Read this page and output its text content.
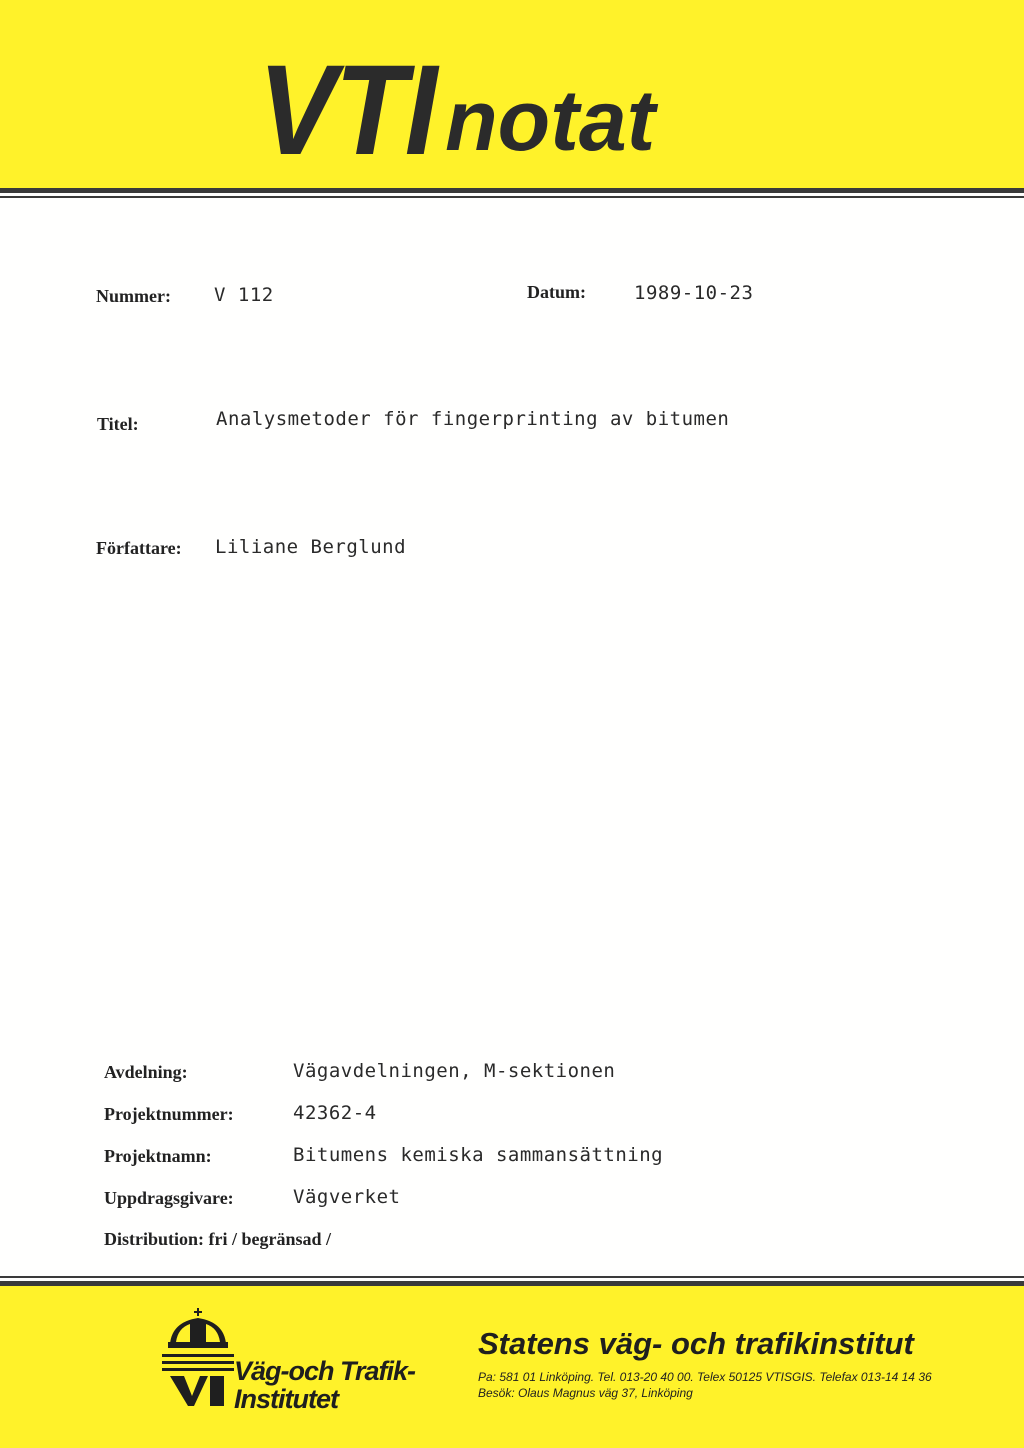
VTI notat
Nummer: V 112	Datum:	1989-10-23
Titel:	Analysmetoder för fingerprinting av bitumen
Författare: Liliane Berglund
Avdelning:	Vägavdelningen, M-sektionen
Projektnummer:	42362-4
Projektnamn:	Bitumens kemiska sammansättning
Uppdragsgivare:	Vägverket
Distribution: fri / begränsad /
Väg-och Trafik-
Institutet
Statens väg- och trafikinstitut
Pa: 581 01 Linköping. Tel. 013-20 40 00. Telex 50125 VTISGIS. Telefax 013-14 14 36
Besök: Olaus Magnus väg 37, Linköping
